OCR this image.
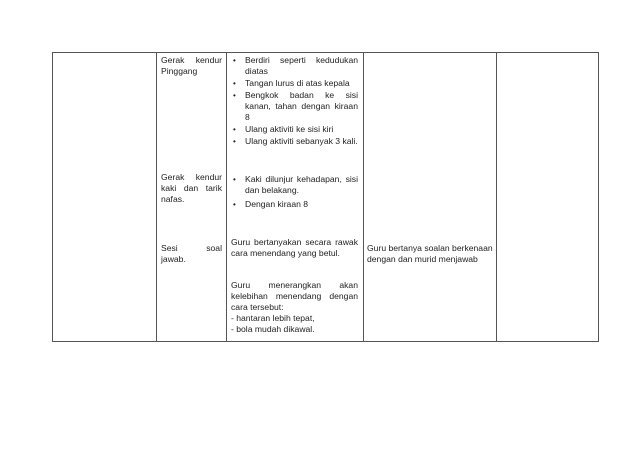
Gerak kendur Pinggang
• Berdiri seperti kedudukan diatas
• Tangan lurus di atas kepala
• Bengkok badan ke sisi kanan, tahan dengan kiraan 8
• Ulang aktiviti ke sisi kiri
• Ulang aktiviti sebanyak 3 kali.
Gerak kendur kaki dan tarik nafas.
• Kaki dilunjur kehadapan, sisi dan belakang.
• Dengan kiraan 8
Sesi soal jawab.
Guru bertanyakan secara rawak cara menendang yang betul.
Guru menerangkan akan kelebihan menendang dengan cara tersebut:
- hantaran lebih tepat,
- bola mudah dikawal.
Guru bertanya soalan berkenaan dengan dan murid menjawab
